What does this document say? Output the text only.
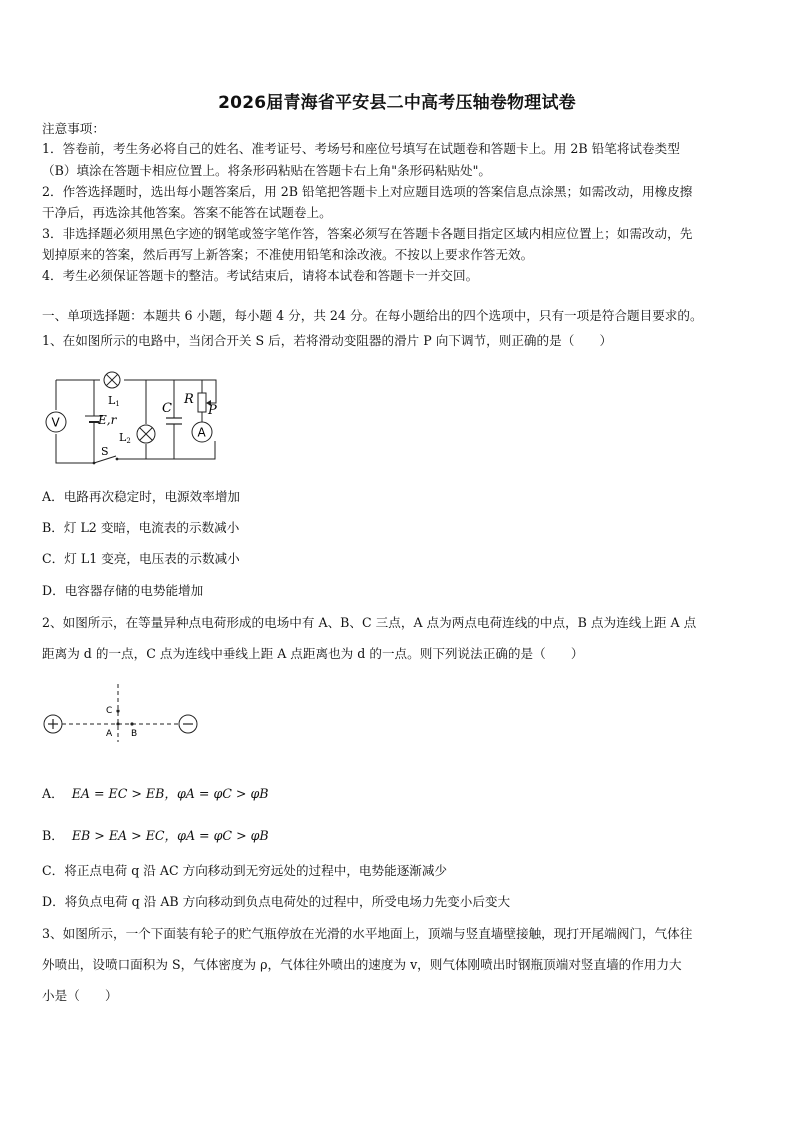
2026届青海省平安县二中高考压轴卷物理试卷
注意事项：
1．答卷前，考生务必将自己的姓名、准考证号、考场号和座位号填写在试题卷和答题卡上。用 2B 铅笔将试卷类型
（B）填涂在答题卡相应位置上。将条形码粘贴在答题卡右上角"条形码粘贴处"。
2．作答选择题时，选出每小题答案后，用 2B 铅笔把答题卡上对应题目选项的答案信息点涂黑；如需改动，用橡皮擦
干净后，再选涂其他答案。答案不能答在试题卷上。
3．非选择题必须用黑色字迹的钢笔或签字笔作答，答案必须写在答题卡各题目指定区域内相应位置上；如需改动，先
划掉原来的答案，然后再写上新答案；不准使用铅笔和涂改液。不按以上要求作答无效。
4．考生必须保证答题卡的整洁。考试结束后，请将本试卷和答题卡一并交回。
一、单项选择题：本题共 6 小题，每小题 4 分，共 24 分。在每小题给出的四个选项中，只有一项是符合题目要求的。
1、在如图所示的电路中，当闭合开关 S 后，若将滑动变阻器的滑片 P 向下调节，则正确的是（　　）
V
A
L1
L2
E,r
S
C
R
P
A．电路再次稳定时，电源效率增加
B．灯 L2 变暗，电流表的示数减小
C．灯 L1 变亮，电压表的示数减小
D．电容器存储的电势能增加
2、如图所示，在等量异种点电荷形成的电场中有 A、B、C 三点，A 点为两点电荷连线的中点，B 点为连线上距 A 点
距离为 d 的一点，C 点为连线中垂线上距 A 点距离也为 d 的一点。则下列说法正确的是（　　）
C
A B
A． EA = EC > EB，φA = φC > φB
B． EB > EA > EC，φA = φC > φB
C．将正点电荷 q 沿 AC 方向移动到无穷远处的过程中，电势能逐渐减少
D．将负点电荷 q 沿 AB 方向移动到负点电荷处的过程中，所受电场力先变小后变大
3、如图所示，一个下面装有轮子的贮气瓶停放在光滑的水平地面上，顶端与竖直墙壁接触，现打开尾端阀门，气体往
外喷出，设喷口面积为 S，气体密度为 ρ，气体往外喷出的速度为 v，则气体刚喷出时钢瓶顶端对竖直墙的作用力大
小是（　　）
